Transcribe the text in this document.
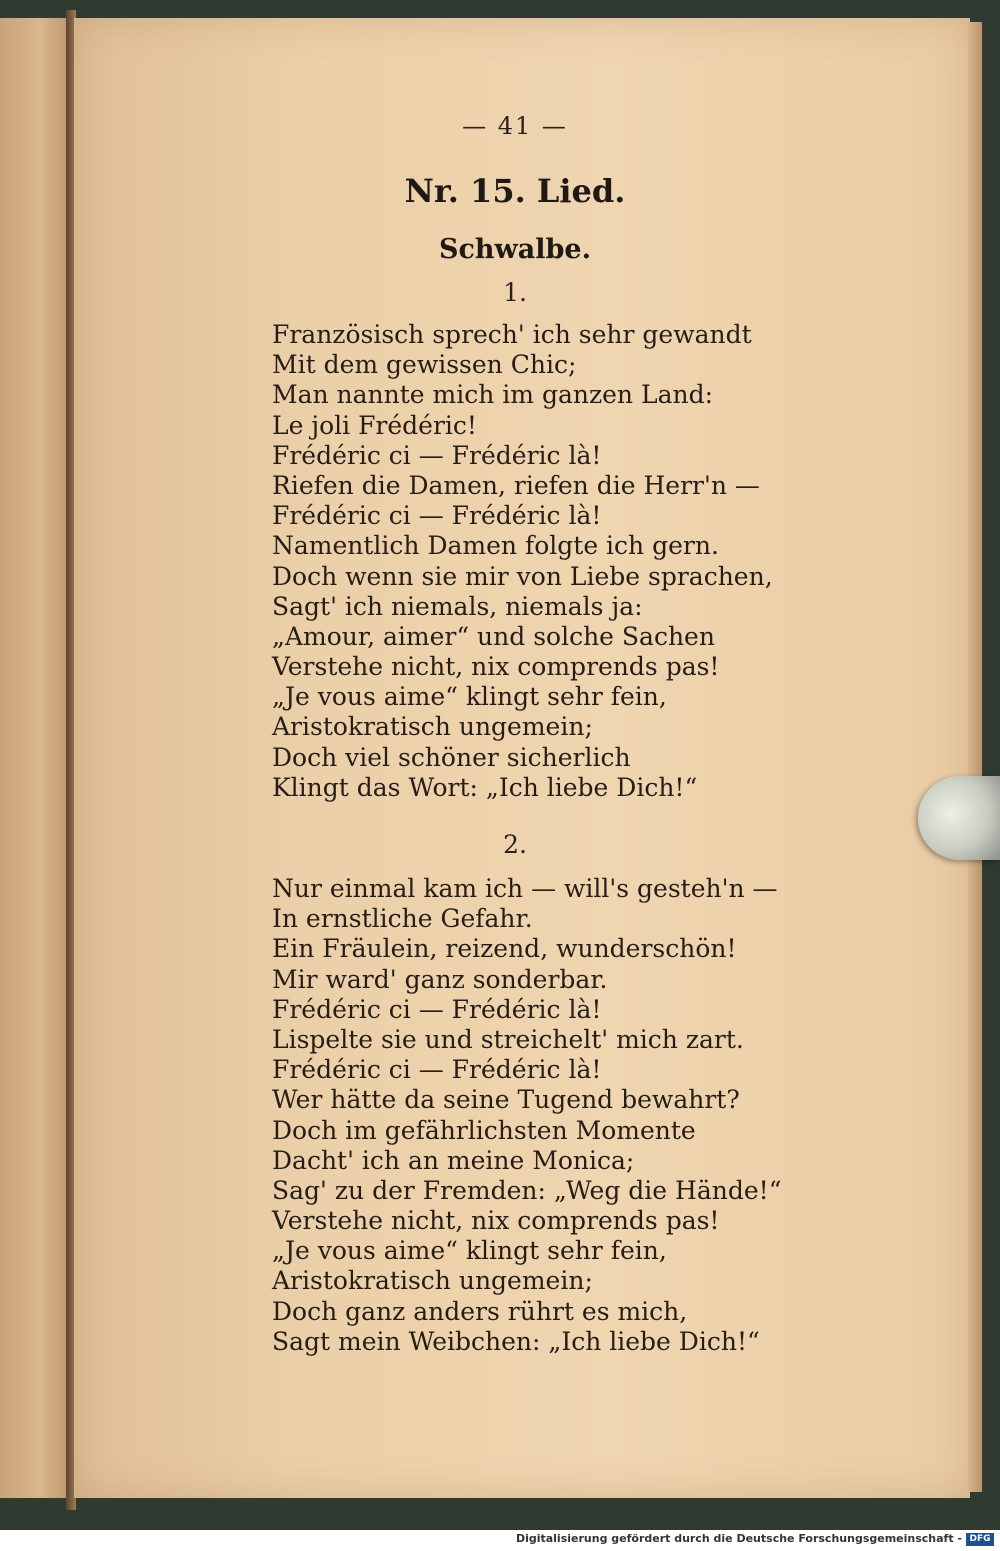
— 41 —
Nr. 15. Lied.
Schwalbe.
1.
Französisch sprech' ich sehr gewandt
Mit dem gewissen Chic;
Man nannte mich im ganzen Land:
Le joli Frédéric!
Frédéric ci — Frédéric là!
Riefen die Damen, riefen die Herr'n —
Frédéric ci — Frédéric là!
Namentlich Damen folgte ich gern.
Doch wenn sie mir von Liebe sprachen,
Sagt' ich niemals, niemals ja:
„Amour, aimer“ und solche Sachen
Verstehe nicht, nix comprends pas!
„Je vous aime“ klingt sehr fein,
Aristokratisch ungemein;
Doch viel schöner sicherlich
Klingt das Wort: „Ich liebe Dich!“
2.
Nur einmal kam ich — will's gesteh'n —
In ernstliche Gefahr.
Ein Fräulein, reizend, wunderschön!
Mir ward' ganz sonderbar.
Frédéric ci — Frédéric là!
Lispelte sie und streichelt' mich zart.
Frédéric ci — Frédéric là!
Wer hätte da seine Tugend bewahrt?
Doch im gefährlichsten Momente
Dacht' ich an meine Monica;
Sag' zu der Fremden: „Weg die Hände!“
Verstehe nicht, nix comprends pas!
„Je vous aime“ klingt sehr fein,
Aristokratisch ungemein;
Doch ganz anders rührt es mich,
Sagt mein Weibchen: „Ich liebe Dich!“
Digitalisierung gefördert durch die Deutsche Forschungsgemeinschaft - DFG
